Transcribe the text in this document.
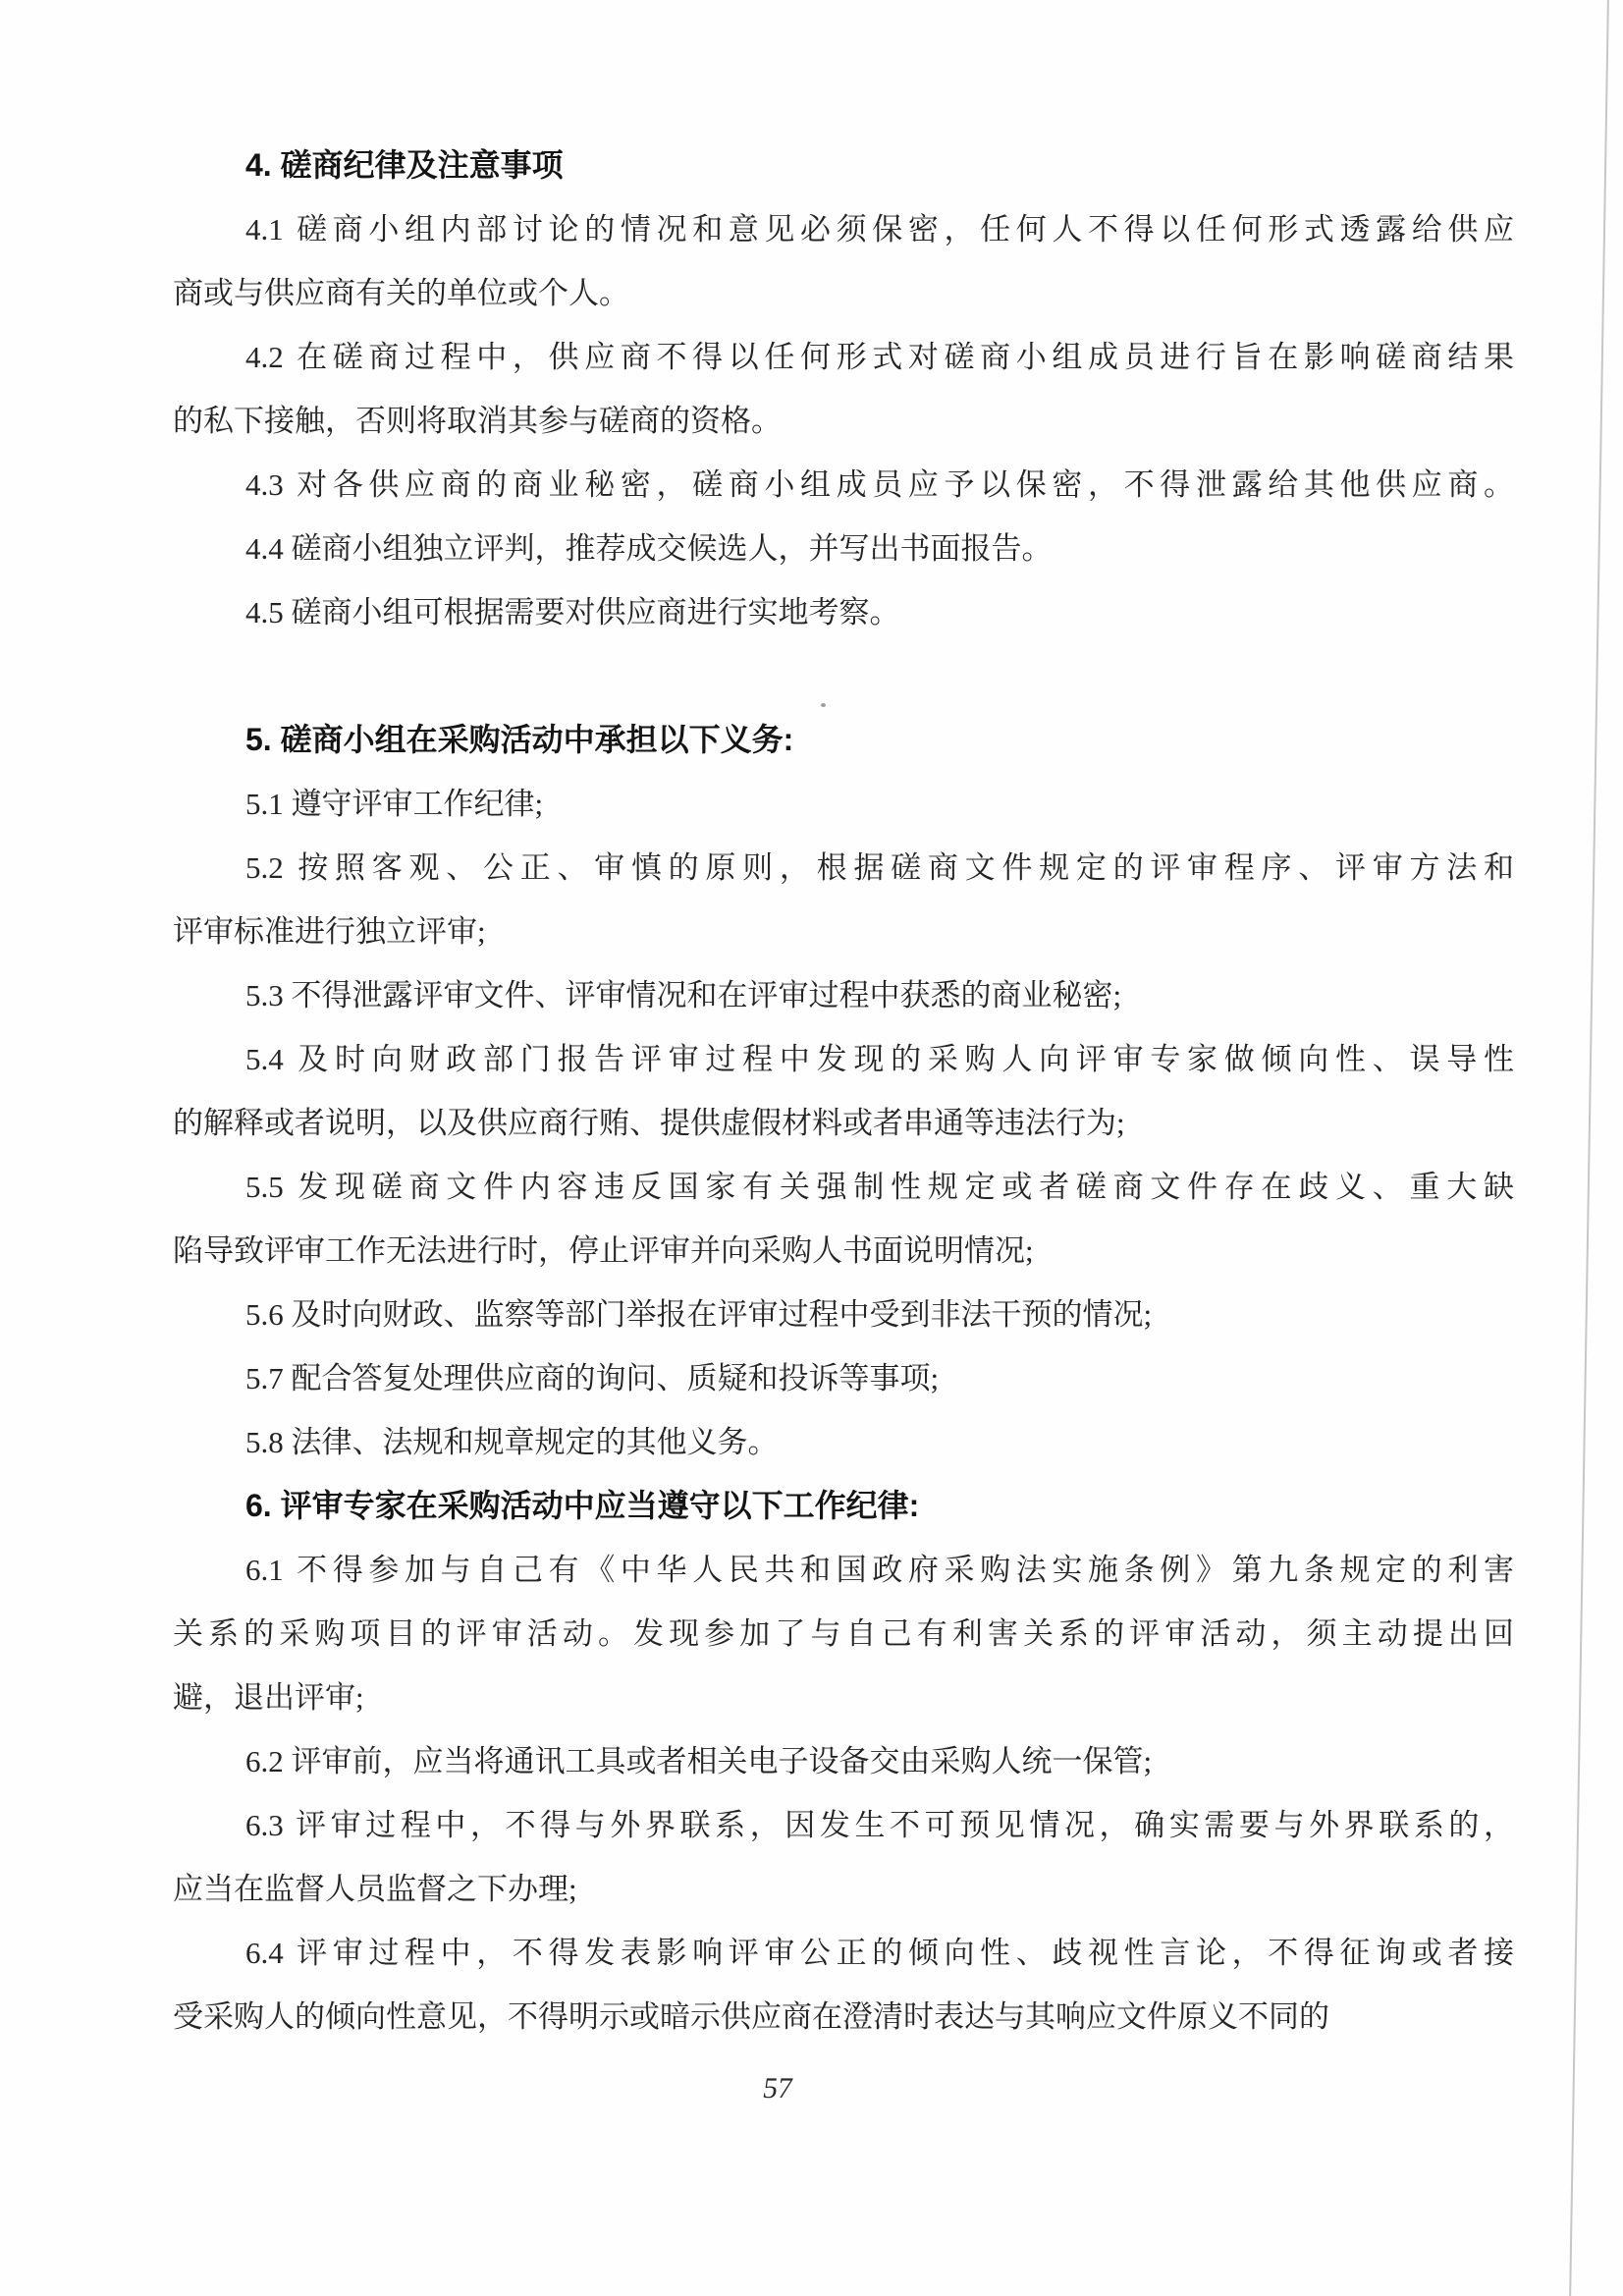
4. 磋商纪律及注意事项
4.1 磋商小组内部讨论的情况和意见必须保密，任何人不得以任何形式透露给供应
商或与供应商有关的单位或个人。
4.2 在磋商过程中，供应商不得以任何形式对磋商小组成员进行旨在影响磋商结果
的私下接触，否则将取消其参与磋商的资格。
4.3 对各供应商的商业秘密，磋商小组成员应予以保密，不得泄露给其他供应商。
4.4 磋商小组独立评判，推荐成交候选人，并写出书面报告。
4.5 磋商小组可根据需要对供应商进行实地考察。
5. 磋商小组在采购活动中承担以下义务:
5.1 遵守评审工作纪律;
5.2 按照客观、公正、审慎的原则，根据磋商文件规定的评审程序、评审方法和
评审标准进行独立评审;
5.3 不得泄露评审文件、评审情况和在评审过程中获悉的商业秘密;
5.4 及时向财政部门报告评审过程中发现的采购人向评审专家做倾向性、误导性
的解释或者说明，以及供应商行贿、提供虚假材料或者串通等违法行为;
5.5 发现磋商文件内容违反国家有关强制性规定或者磋商文件存在歧义、重大缺
陷导致评审工作无法进行时，停止评审并向采购人书面说明情况;
5.6 及时向财政、监察等部门举报在评审过程中受到非法干预的情况;
5.7 配合答复处理供应商的询问、质疑和投诉等事项;
5.8 法律、法规和规章规定的其他义务。
6. 评审专家在采购活动中应当遵守以下工作纪律:
6.1 不得参加与自己有《中华人民共和国政府采购法实施条例》第九条规定的利害
关系的采购项目的评审活动。发现参加了与自己有利害关系的评审活动，须主动提出回
避，退出评审;
6.2 评审前，应当将通讯工具或者相关电子设备交由采购人统一保管;
6.3 评审过程中，不得与外界联系，因发生不可预见情况，确实需要与外界联系的，
应当在监督人员监督之下办理;
6.4 评审过程中，不得发表影响评审公正的倾向性、歧视性言论，不得征询或者接
受采购人的倾向性意见，不得明示或暗示供应商在澄清时表达与其响应文件原义不同的
57
